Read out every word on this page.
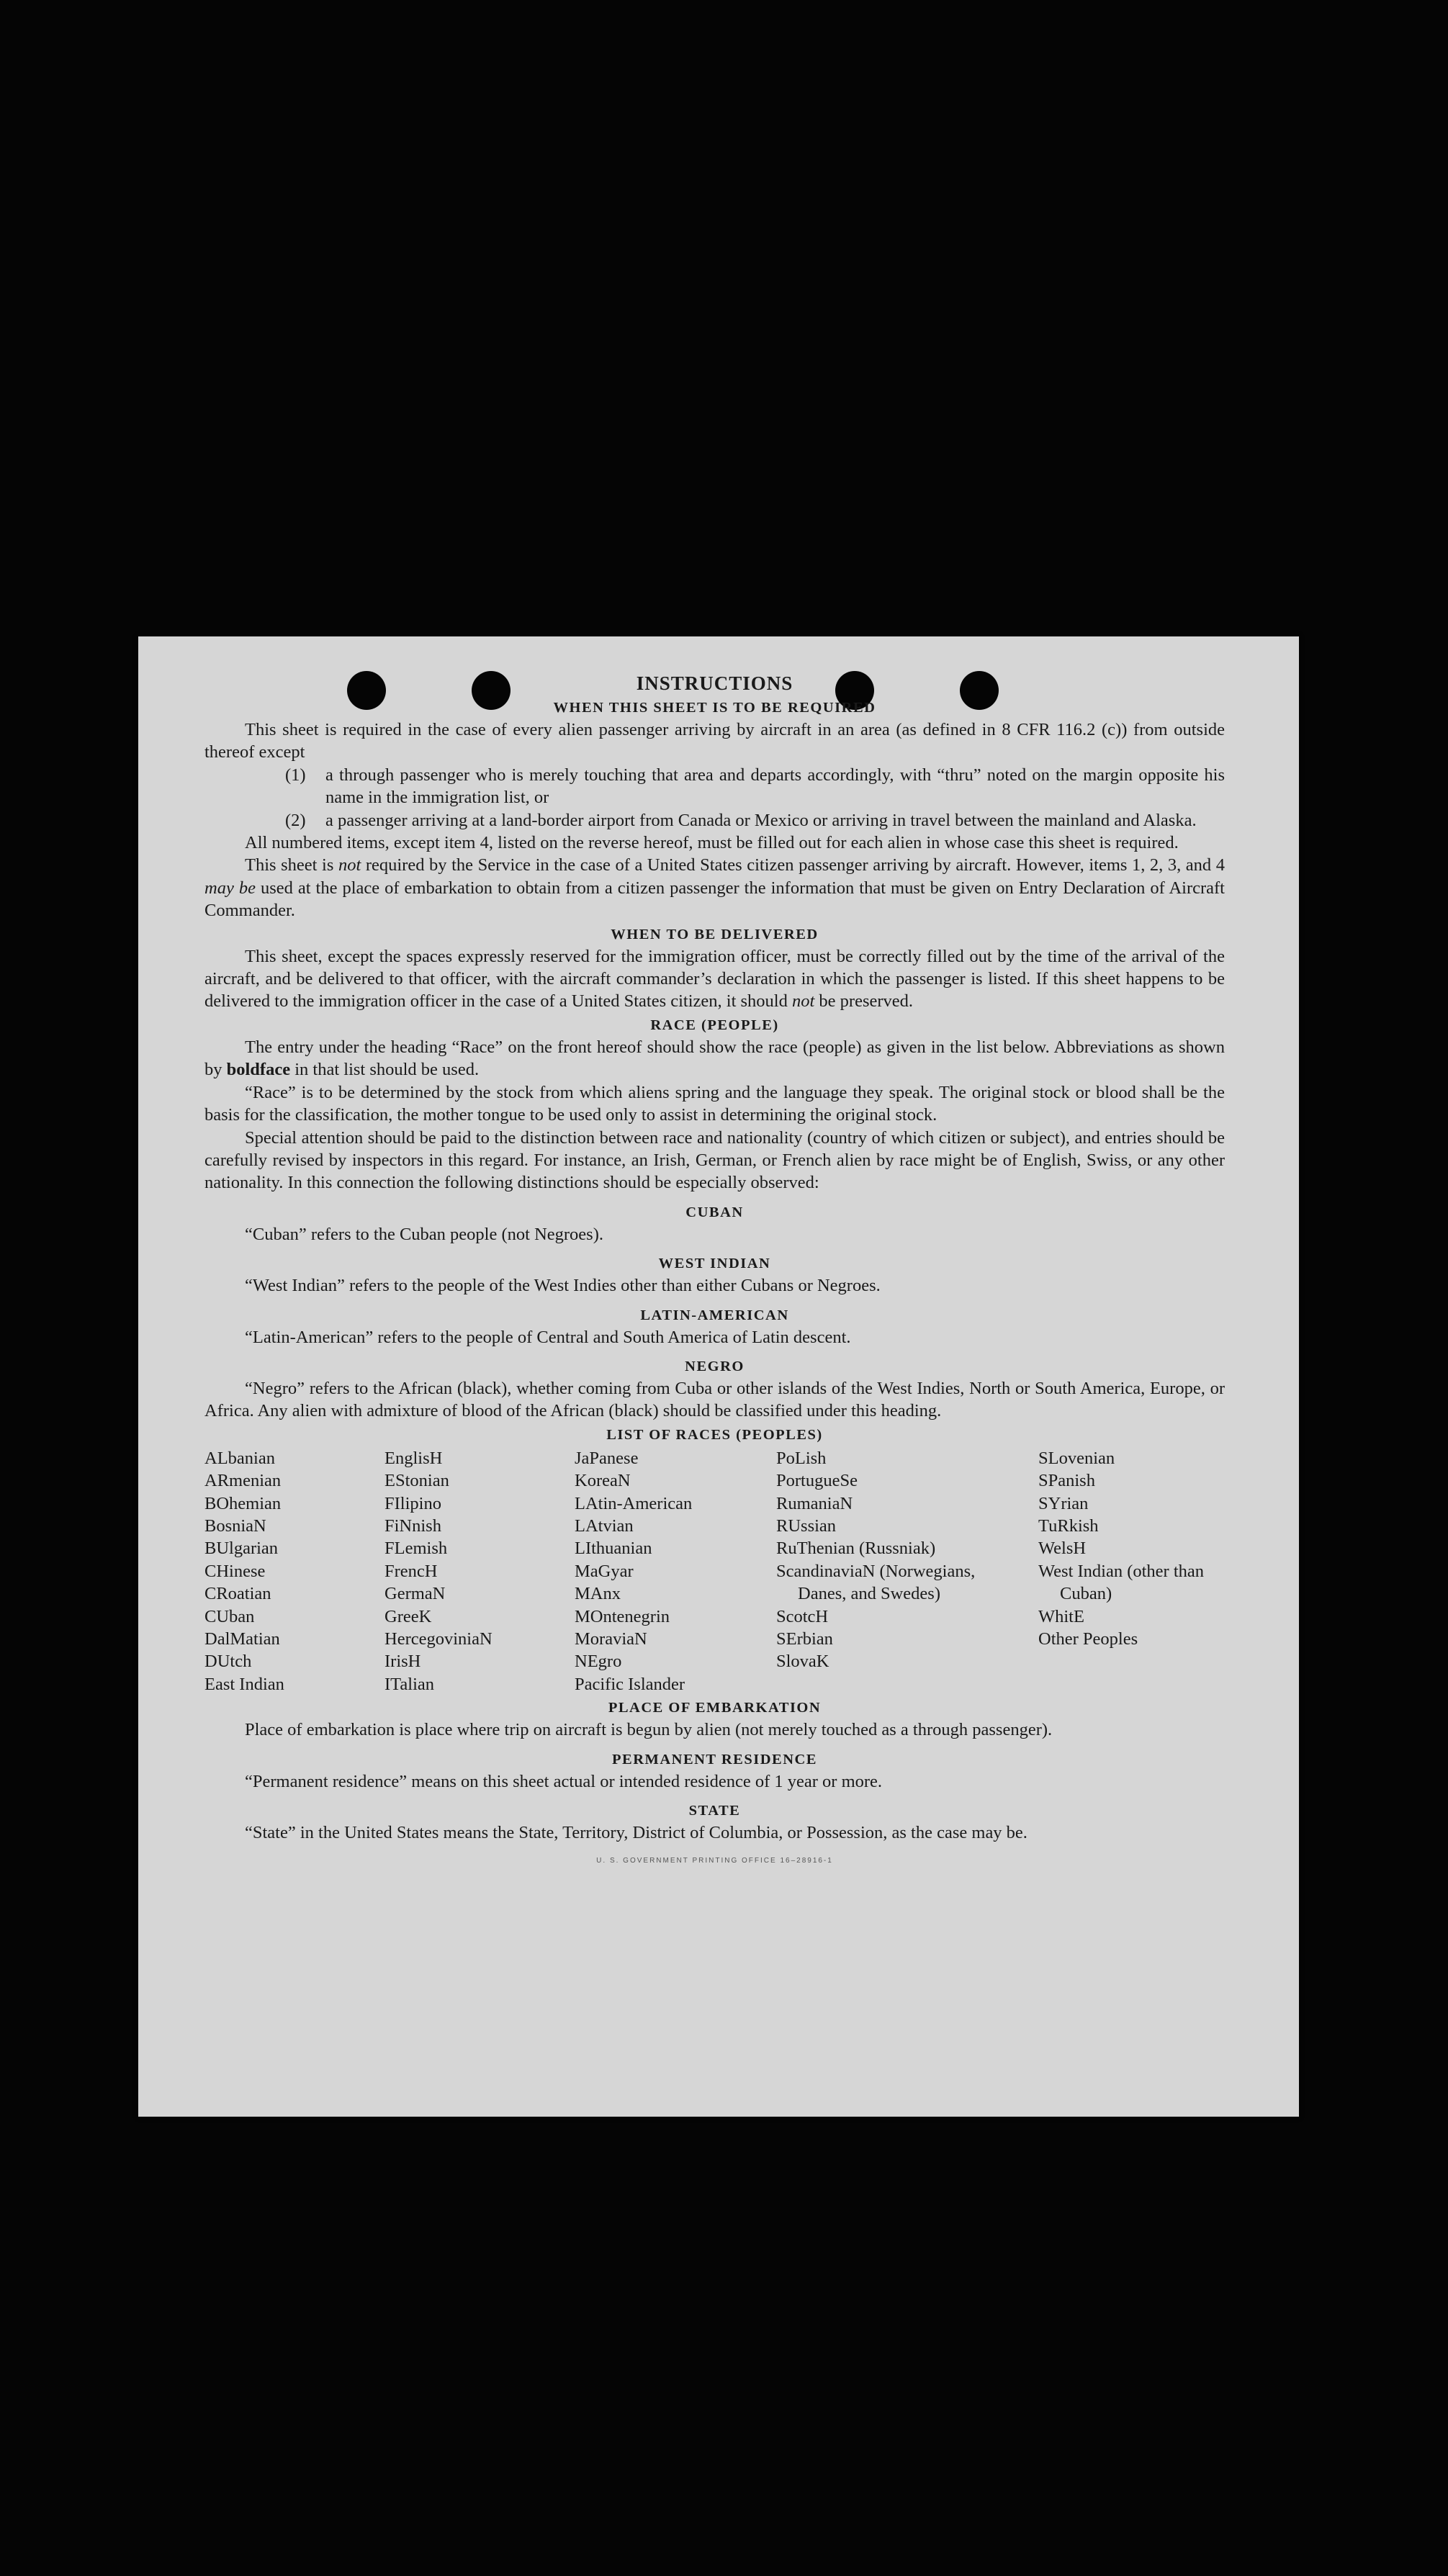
INSTRUCTIONS
WHEN THIS SHEET IS TO BE REQUIRED

This sheet is required in the case of every alien passenger arriving by aircraft in an area (as defined in 8 CFR 116.2 (c)) from outside thereof except

(1)	a through passenger who is merely touching that area and departs accordingly, with “thru” noted on the margin opposite his name in the immigration list, or
(2)	a passenger arriving at a land-border airport from Canada or Mexico or arriving in travel between the mainland and Alaska.

All numbered items, except item 4, listed on the reverse hereof, must be filled out for each alien in whose case this sheet is required.

This sheet is not required by the Service in the case of a United States citizen passenger arriving by aircraft. However, items 1, 2, 3, and 4 may be used at the place of embarkation to obtain from a citizen passenger the information that must be given on Entry Declaration of Aircraft Commander.

WHEN TO BE DELIVERED

This sheet, except the spaces expressly reserved for the immigration officer, must be correctly filled out by the time of the arrival of the aircraft, and be delivered to that officer, with the aircraft commander’s declaration in which the passenger is listed. If this sheet happens to be delivered to the immigration officer in the case of a United States citizen, it should not be preserved.

RACE (PEOPLE)

The entry under the heading “Race” on the front hereof should show the race (people) as given in the list below. Abbreviations as shown by boldface in that list should be used.

“Race” is to be determined by the stock from which aliens spring and the language they speak. The original stock or blood shall be the basis for the classification, the mother tongue to be used only to assist in determining the original stock.

Special attention should be paid to the distinction between race and nationality (country of which citizen or subject), and entries should be carefully revised by inspectors in this regard. For instance, an Irish, German, or French alien by race might be of English, Swiss, or any other nationality. In this connection the following distinctions should be especially observed:

CUBAN

“Cuban” refers to the Cuban people (not Negroes).

WEST INDIAN

“West Indian” refers to the people of the West Indies other than either Cubans or Negroes.

LATIN-AMERICAN

“Latin-American” refers to the people of Central and South America of Latin descent.

NEGRO

“Negro” refers to the African (black), whether coming from Cuba or other islands of the West Indies, North or South America, Europe, or Africa. Any alien with admixture of blood of the African (black) should be classified under this heading.

LIST OF RACES (PEOPLES)
ALbanian
ARmenian
BOhemian
BosniaN
BUlgarian
CHinese
CRoatian
CUban
DalMatian
DUtch
East Indian
EnglisH
EStonian
FIlipino
FiNnish
FLemish
FrencH
GermaN
GreeK
HercegoviniaN
IrisH
ITalian
JaPanese
KoreaN
LAtin-American
LAtvian
LIthuanian
MaGyar
MAnx
MOntenegrin
MoraviaN
NEgro
Pacific Islander
PoLish
PortugueSe
RumaniaN
RUssian
RuThenian (Russniak)
ScandinaviaN (Norwegians, Danes, and Swedes)
ScotcH
SErbian
SlovaK
SLovenian
SPanish
SYrian
TuRkish
WelsH
West Indian (other than Cuban)
WhitE
Other Peoples
PLACE OF EMBARKATION

Place of embarkation is place where trip on aircraft is begun by alien (not merely touched as a through passenger).

PERMANENT RESIDENCE

“Permanent residence” means on this sheet actual or intended residence of 1 year or more.

STATE

“State” in the United States means the State, Territory, District of Columbia, or Possession, as the case may be.

U. S. GOVERNMENT PRINTING OFFICE 16–28916-1
